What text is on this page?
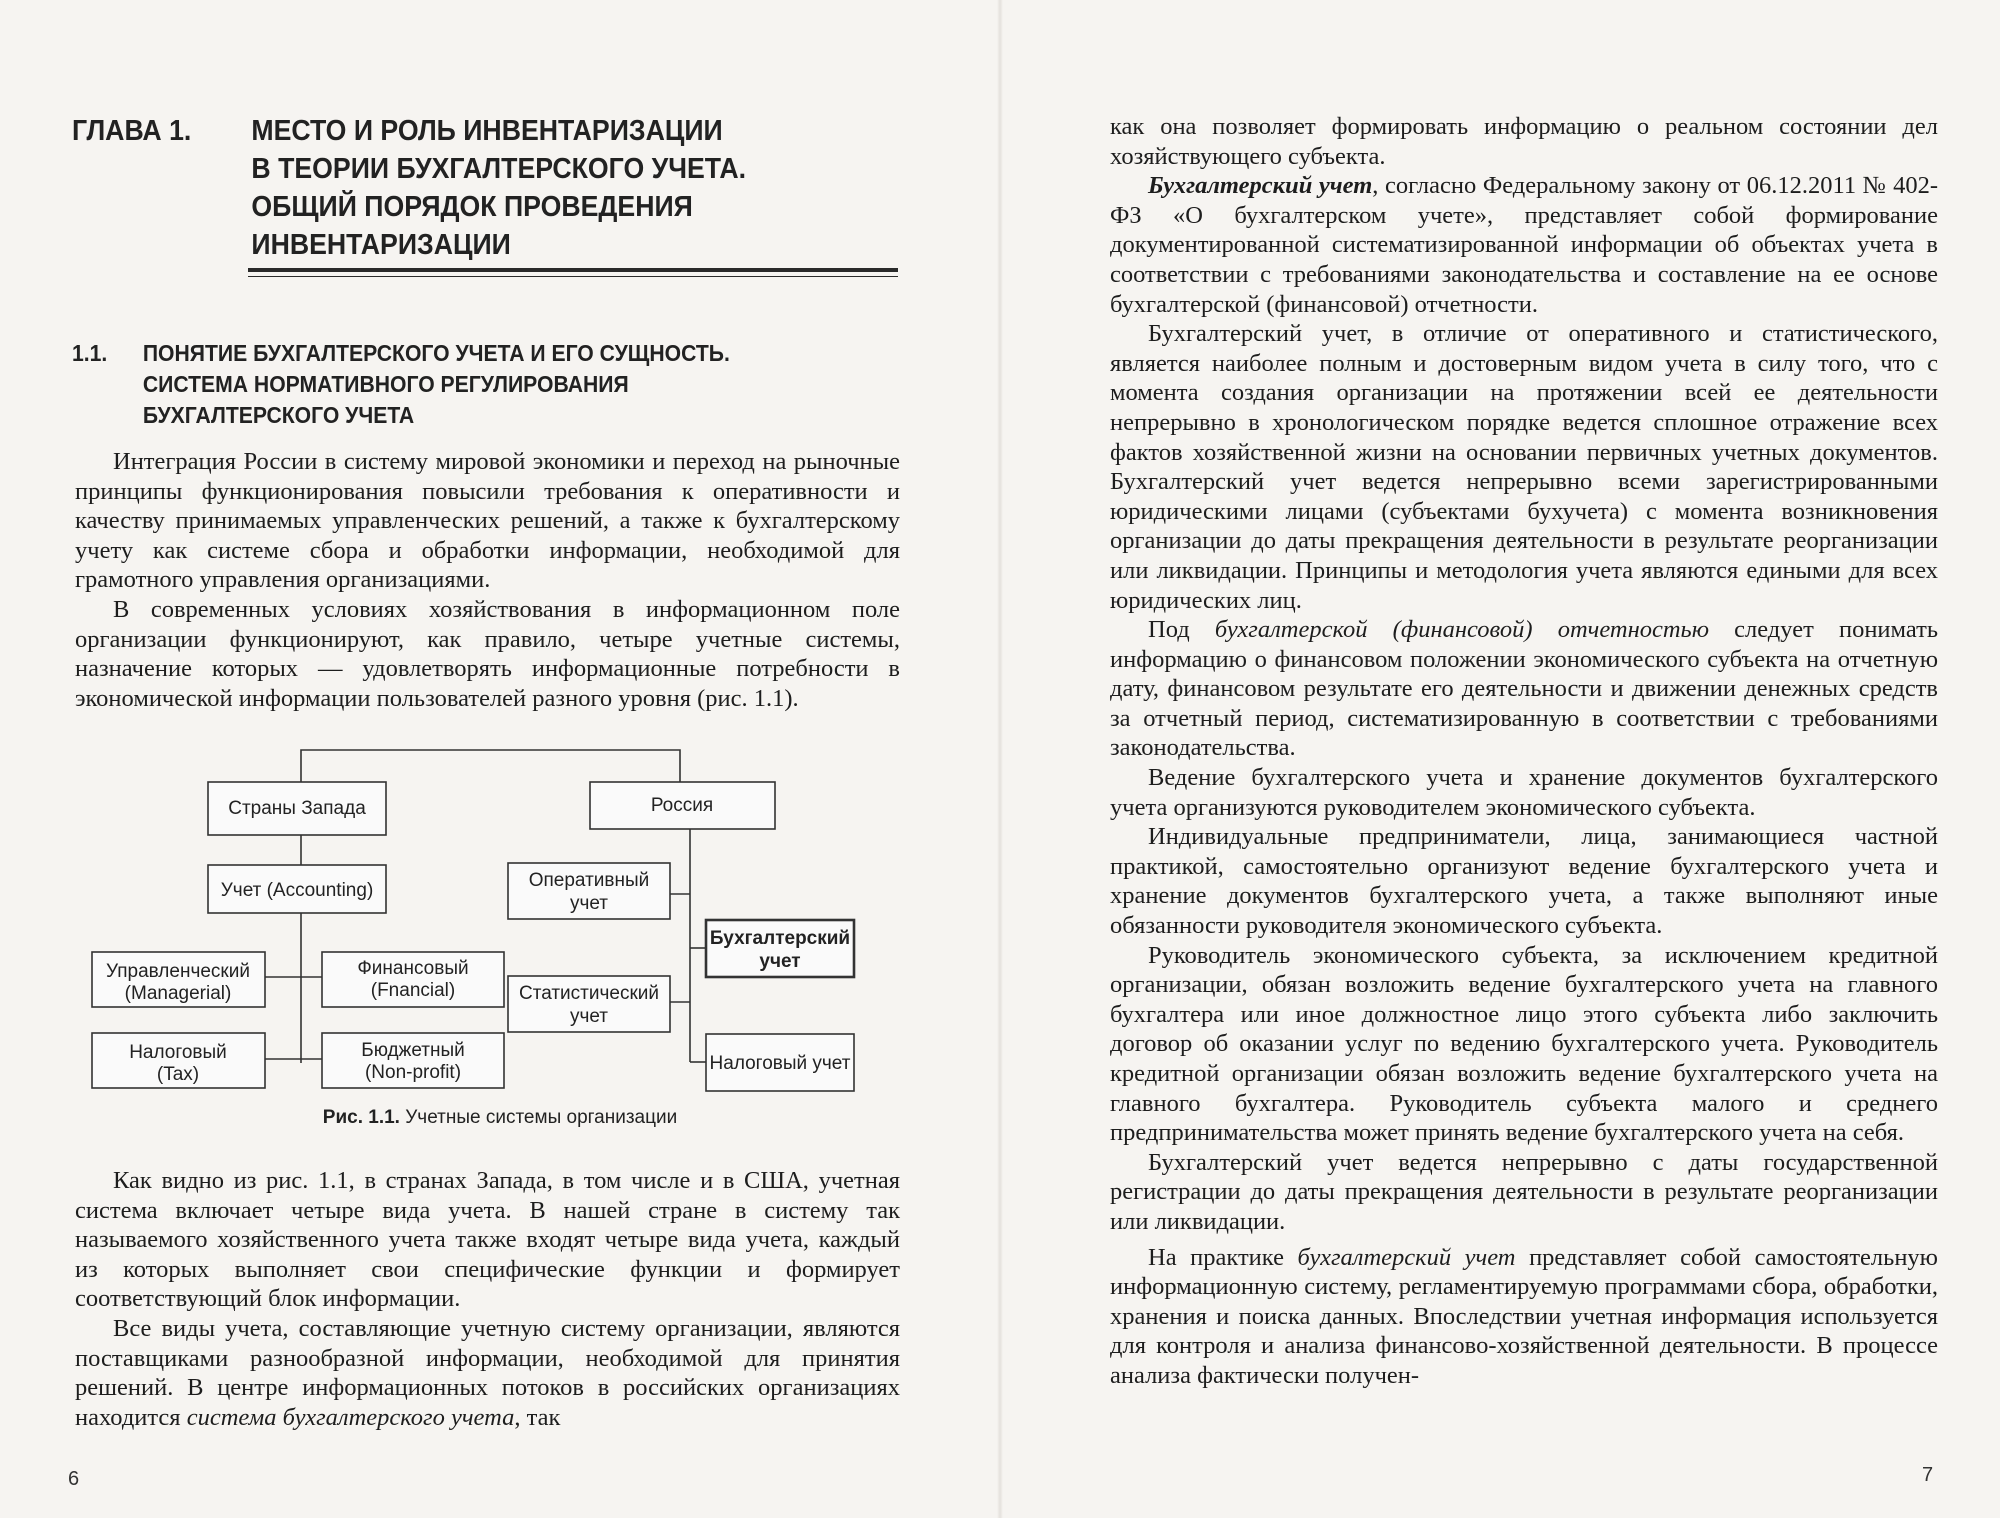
ГЛАВА 1. МЕСТО И РОЛЬ ИНВЕНТАРИЗАЦИИ
В ТЕОРИИ БУХГАЛТЕРСКОГО УЧЕТА.
ОБЩИЙ ПОРЯДОК ПРОВЕДЕНИЯ
ИНВЕНТАРИЗАЦИИ
1.1. ПОНЯТИЕ БУХГАЛТЕРСКОГО УЧЕТА И ЕГО СУЩНОСТЬ.
СИСТЕМА НОРМАТИВНОГО РЕГУЛИРОВАНИЯ
БУХГАЛТЕРСКОГО УЧЕТА

Интеграция России в систему мировой экономики и переход на рыночные принципы функционирования повысили требования к оперативности и качеству принимаемых управленческих решений, а также к бухгалтерскому учету как системе сбора и обработки информации, необходимой для грамотного управления организациями.

В современных условиях хозяйствования в информационном поле организации функционируют, как правило, четыре учетные системы, назначение которых — удовлетворять информационные потребности в экономической информации пользователей разного уровня (рис. 1.1).

Страны Запада	Россия
Учет (Accounting)
Управленческий
(Managerial)
Финансовый
(Fnancial)
Налоговый
(Tax)
Бюджетный
(Non-profit)
Оперативный
учет
Статистический
учет
Бухгалтерский
учет
Налоговый учет
Рис. 1.1. Учетные системы организации

Как видно из рис. 1.1, в странах Запада, в том числе и в США, учетная система включает четыре вида учета. В нашей стране в систему так называемого хозяйственного учета также входят четыре вида учета, каждый из которых выполняет свои специфические функции и формирует соответствующий блок информации.

Все виды учета, составляющие учетную систему организации, являются поставщиками разнообразной информации, необходимой для принятия решений. В центре информационных потоков в российских организациях находится система бухгалтерского учета, так

6

как она позволяет формировать информацию о реальном состоянии дел хозяйствующего субъекта.

Бухгалтерский учет, согласно Федеральному закону от 06.12.2011 № 402-ФЗ «О бухгалтерском учете», представляет собой формирование документированной систематизированной информации об объектах учета в соответствии с требованиями законодательства и составление на ее основе бухгалтерской (финансовой) отчетности.

Бухгалтерский учет, в отличие от оперативного и статистического, является наиболее полным и достоверным видом учета в силу того, что с момента создания организации на протяжении всей ее деятельности непрерывно в хронологическом порядке ведется сплошное отражение всех фактов хозяйственной жизни на основании первичных учетных документов. Бухгалтерский учет ведется непрерывно всеми зарегистрированными юридическими лицами (субъектами бухучета) с момента возникновения организации до даты прекращения деятельности в результате реорганизации или ликвидации. Принципы и методология учета являются едиными для всех юридических лиц.

Под бухгалтерской (финансовой) отчетностью следует понимать информацию о финансовом положении экономического субъекта на отчетную дату, финансовом результате его деятельности и движении денежных средств за отчетный период, систематизированную в соответствии с требованиями законодательства.

Ведение бухгалтерского учета и хранение документов бухгалтерского учета организуются руководителем экономического субъекта.

Индивидуальные предприниматели, лица, занимающиеся частной практикой, самостоятельно организуют ведение бухгалтерского учета и хранение документов бухгалтерского учета, а также выполняют иные обязанности руководителя экономического субъекта.

Руководитель экономического субъекта, за исключением кредитной организации, обязан возложить ведение бухгалтерского учета на главного бухгалтера или иное должностное лицо этого субъекта либо заключить договор об оказании услуг по ведению бухгалтерского учета. Руководитель кредитной организации обязан возложить ведение бухгалтерского учета на главного бухгалтера. Руководитель субъекта малого и среднего предпринимательства может принять ведение бухгалтерского учета на себя.

Бухгалтерский учет ведется непрерывно с даты государственной регистрации до даты прекращения деятельности в результате реорганизации или ликвидации.

На практике бухгалтерский учет представляет собой самостоятельную информационную систему, регламентируемую программами сбора, обработки, хранения и поиска данных. Впоследствии учетная информация используется для контроля и анализа финансово-хозяйственной деятельности. В процессе анализа фактически получен-

7
